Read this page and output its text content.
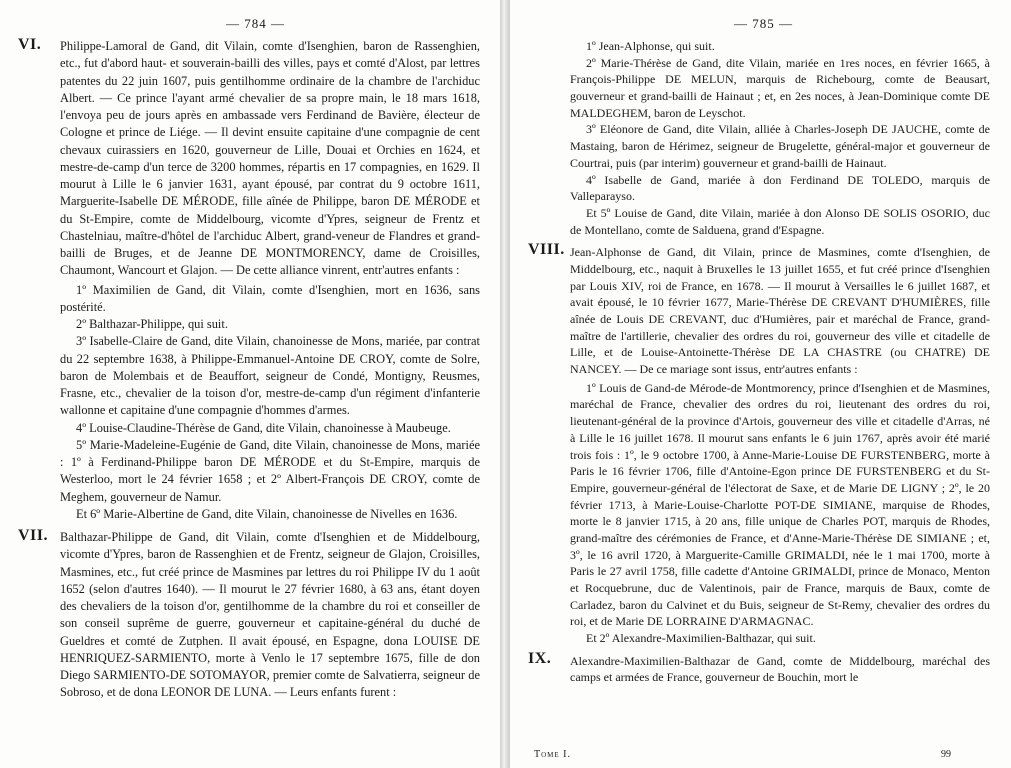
— 784 —
VI. Philippe-Lamoral de Gand, dit Vilain, comte d'Isenghien, baron de Rassenghien, etc., fut d'abord haut- et souverain-bailli des villes, pays et comté d'Alost, par lettres patentes du 22 juin 1607, puis gentilhomme ordinaire de la chambre de l'archiduc Albert. — Ce prince l'ayant armé chevalier de sa propre main, le 18 mars 1618, l'envoya peu de jours après en ambassade vers Ferdinand de Bavière, électeur de Cologne et prince de Liége. — Il devint ensuite capitaine d'une compagnie de cent chevaux cuirassiers en 1620, gouverneur de Lille, Douai et Orchies en 1624, et mestre-de-camp d'un terce de 3200 hommes, répartis en 17 compagnies, en 1629. Il mourut à Lille le 6 janvier 1631, ayant épousé, par contrat du 9 octobre 1611, Marguerite-Isabelle DE MÉRODE, fille aînée de Philippe, baron DE MÉRODE et du St-Empire, comte de Middelbourg, vicomte d'Ypres, seigneur de Frentz et Chastelniau, maître-d'hôtel de l'archiduc Albert, grand-veneur de Flandres et grand-bailli de Bruges, et de Jeanne DE MONTMORENCY, dame de Croisilles, Chaumont, Wancourt et Glajon. — De cette alliance vinrent, entr'autres enfants :

1º Maximilien de Gand, dit Vilain, comte d'Isenghien, mort en 1636, sans postérité.

2º Balthazar-Philippe, qui suit.

3º Isabelle-Claire de Gand, dite Vilain, chanoinesse de Mons, mariée, par contrat du 22 septembre 1638, à Philippe-Emmanuel-Antoine DE CROY, comte de Solre, baron de Molembais et de Beauffort, seigneur de Condé, Montigny, Reusmes, Frasne, etc., chevalier de la toison d'or, mestre-de-camp d'un régiment d'infanterie wallonne et capitaine d'une compagnie d'hommes d'armes.

4º Louise-Claudine-Thérèse de Gand, dite Vilain, chanoinesse à Maubeuge.

5º Marie-Madeleine-Eugénie de Gand, dite Vilain, chanoinesse de Mons, mariée : 1º à Ferdinand-Philippe baron DE MÉRODE et du St-Empire, marquis de Westerloo, mort le 24 février 1658 ; et 2º Albert-François DE CROY, comte de Meghem, gouverneur de Namur.

Et 6º Marie-Albertine de Gand, dite Vilain, chanoinesse de Nivelles en 1636.

VII. Balthazar-Philippe de Gand, dit Vilain, comte d'Isenghien et de Middelbourg, vicomte d'Ypres, baron de Rassenghien et de Frentz, seigneur de Glajon, Croisilles, Masmines, etc., fut créé prince de Masmines par lettres du roi Philippe IV du 1 août 1652 (selon d'autres 1640). — Il mourut le 27 février 1680, à 63 ans, étant doyen des chevaliers de la toison d'or, gentilhomme de la chambre du roi et conseiller de son conseil suprême de guerre, gouverneur et capitaine-général du duché de Gueldres et comté de Zutphen. Il avait épousé, en Espagne, dona LOUISE DE HENRIQUEZ-SARMIENTO, morte à Venlo le 17 septembre 1675, fille de don Diego SARMIENTO-DE SOTOMAYOR, premier comte de Salvatierra, seigneur de Sobroso, et de dona LEONOR DE LUNA. — Leurs enfants furent :

— 785 —

1º Jean-Alphonse, qui suit.

2º Marie-Thérèse de Gand, dite Vilain, mariée en 1res noces, en février 1665, à François-Philippe DE MELUN, marquis de Richebourg, comte de Beausart, gouverneur et grand-bailli de Hainaut ; et, en 2es noces, à Jean-Dominique comte DE MALDEGHEM, baron de Leyschot.

3º Eléonore de Gand, dite Vilain, alliée à Charles-Joseph DE JAUCHE, comte de Mastaing, baron de Hérimez, seigneur de Brugelette, général-major et gouverneur de Courtrai, puis (par interim) gouverneur et grand-bailli de Hainaut.

4º Isabelle de Gand, mariée à don Ferdinand DE TOLEDO, marquis de Valleparayso.

Et 5º Louise de Gand, dite Vilain, mariée à don Alonso DE SOLIS OSORIO, duc de Montellano, comte de Salduena, grand d'Espagne.

VIII. Jean-Alphonse de Gand, dit Vilain, prince de Masmines, comte d'Isenghien, de Middelbourg, etc., naquit à Bruxelles le 13 juillet 1655, et fut créé prince d'Isenghien par Louis XIV, roi de France, en 1678. — Il mourut à Versailles le 6 juillet 1687, et avait épousé, le 10 février 1677, Marie-Thérèse DE CREVANT D'HUMIÈRES, fille aînée de Louis DE CREVANT, duc d'Humières, pair et maréchal de France, grand-maître de l'artillerie, chevalier des ordres du roi, gouverneur des ville et citadelle de Lille, et de Louise-Antoinette-Thérèse DE LA CHASTRE (ou CHATRE) DE NANCEY. — De ce mariage sont issus, entr'autres enfants :

1º Louis de Gand-de Mérode-de Montmorency, prince d'Isenghien et de Masmines, maréchal de France, chevalier des ordres du roi, lieutenant des ordres du roi, lieutenant-général de la province d'Artois, gouverneur des ville et citadelle d'Arras, né à Lille le 16 juillet 1678. Il mourut sans enfants le 6 juin 1767, après avoir été marié trois fois : 1º, le 9 octobre 1700, à Anne-Marie-Louise DE FURSTENBERG, morte à Paris le 16 février 1706, fille d'Antoine-Egon prince DE FURSTENBERG et du St-Empire, gouverneur-général de l'électorat de Saxe, et de Marie DE LIGNY ; 2º, le 20 février 1713, à Marie-Louise-Charlotte POT-DE SIMIANE, marquise de Rhodes, morte le 8 janvier 1715, à 20 ans, fille unique de Charles POT, marquis de Rhodes, grand-maître des cérémonies de France, et d'Anne-Marie-Thérèse DE SIMIANE ; et, 3º, le 16 avril 1720, à Marguerite-Camille GRIMALDI, née le 1 mai 1700, morte à Paris le 27 avril 1758, fille cadette d'Antoine GRIMALDI, prince de Monaco, Menton et Rocquebrune, duc de Valentinois, pair de France, marquis de Baux, comte de Carladez, baron du Calvinet et du Buis, seigneur de St-Remy, chevalier des ordres du roi, et de Marie DE LORRAINE D'ARMAGNAC.

Et 2º Alexandre-Maximilien-Balthazar, qui suit.

IX. Alexandre-Maximilien-Balthazar de Gand, comte de Middelbourg, maréchal des camps et armées de France, gouverneur de Bouchin, mort le

Tome I.	99
